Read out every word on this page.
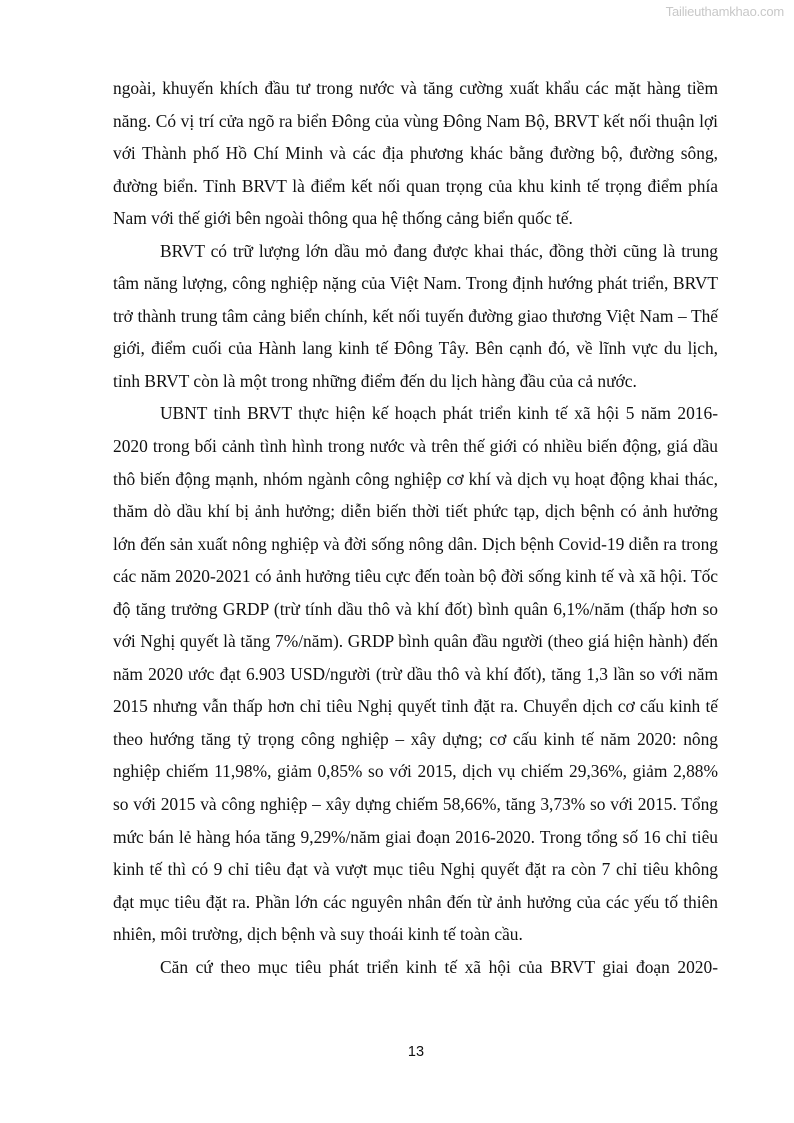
Tailieuthamkhao.com

ngoài, khuyến khích đầu tư trong nước và tăng cường xuất khẩu các mặt hàng tiềm năng. Có vị trí cửa ngõ ra biển Đông của vùng Đông Nam Bộ, BRVT kết nối thuận lợi với Thành phố Hồ Chí Minh và các địa phương khác bằng đường bộ, đường sông, đường biển. Tỉnh BRVT là điểm kết nối quan trọng của khu kinh tế trọng điểm phía Nam với thế giới bên ngoài thông qua hệ thống cảng biển quốc tế.

BRVT có trữ lượng lớn dầu mỏ đang được khai thác, đồng thời cũng là trung tâm năng lượng, công nghiệp nặng của Việt Nam. Trong định hướng phát triển, BRVT trở thành trung tâm cảng biển chính, kết nối tuyến đường giao thương Việt Nam – Thế giới, điểm cuối của Hành lang kinh tế Đông Tây. Bên cạnh đó, về lĩnh vực du lịch, tỉnh BRVT còn là một trong những điểm đến du lịch hàng đầu của cả nước.

UBNT tỉnh BRVT thực hiện kế hoạch phát triển kinh tế xã hội 5 năm 2016-2020 trong bối cảnh tình hình trong nước và trên thế giới có nhiều biến động, giá dầu thô biến động mạnh, nhóm ngành công nghiệp cơ khí và dịch vụ hoạt động khai thác, thăm dò dầu khí bị ảnh hưởng; diễn biến thời tiết phức tạp, dịch bệnh có ảnh hưởng lớn đến sản xuất nông nghiệp và đời sống nông dân. Dịch bệnh Covid-19 diễn ra trong các năm 2020-2021 có ảnh hưởng tiêu cực đến toàn bộ đời sống kinh tế và xã hội. Tốc độ tăng trưởng GRDP (trừ tính dầu thô và khí đốt) bình quân 6,1%/năm (thấp hơn so với Nghị quyết là tăng 7%/năm). GRDP bình quân đầu người (theo giá hiện hành) đến năm 2020 ước đạt 6.903 USD/người (trừ dầu thô và khí đốt), tăng 1,3 lần so với năm 2015 nhưng vẫn thấp hơn chỉ tiêu Nghị quyết tỉnh đặt ra. Chuyển dịch cơ cấu kinh tế theo hướng tăng tỷ trọng công nghiệp – xây dựng; cơ cấu kinh tế năm 2020: nông nghiệp chiếm 11,98%, giảm 0,85% so với 2015, dịch vụ chiếm 29,36%, giảm 2,88% so với 2015 và công nghiệp – xây dựng chiếm 58,66%, tăng 3,73% so với 2015. Tổng mức bán lẻ hàng hóa tăng 9,29%/năm giai đoạn 2016-2020. Trong tổng số 16 chỉ tiêu kinh tế thì có 9 chỉ tiêu đạt và vượt mục tiêu Nghị quyết đặt ra còn 7 chỉ tiêu không đạt mục tiêu đặt ra. Phần lớn các nguyên nhân đến từ ảnh hưởng của các yếu tố thiên nhiên, môi trường, dịch bệnh và suy thoái kinh tế toàn cầu.

Căn cứ theo mục tiêu phát triển kinh tế xã hội của BRVT giai đoạn 2020-

13
